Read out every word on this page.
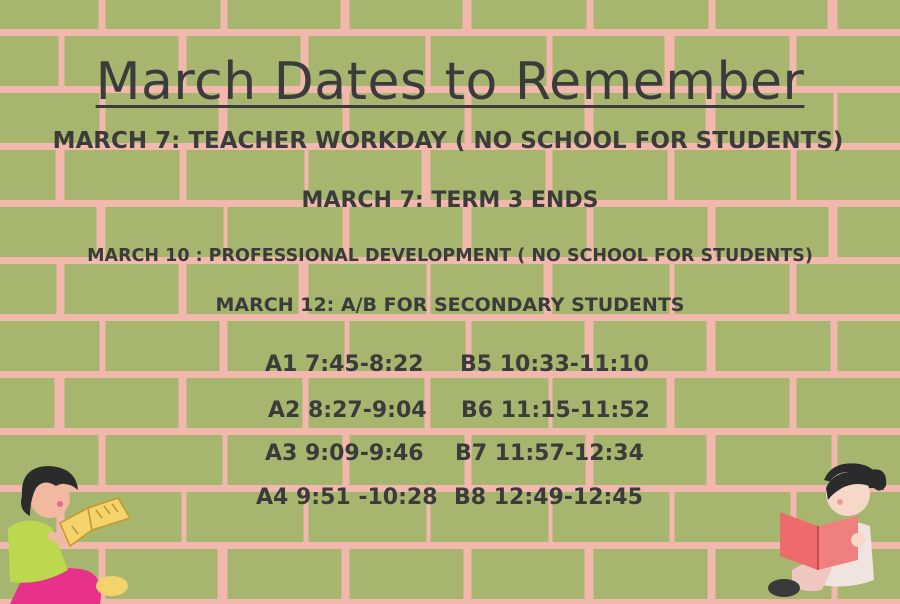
March Dates to Remember
MARCH 7: TEACHER WORKDAY ( NO SCHOOL FOR STUDENTS)
MARCH 7: TERM 3 ENDS
MARCH 10 : PROFESSIONAL DEVELOPMENT ( NO SCHOOL FOR STUDENTS)
MARCH 12: A/B FOR SECONDARY STUDENTS
A1 7:45-8:22 B5 10:33-11:10
A2 8:27-9:04 B6 11:15-11:52
A3 9:09-9:46 B7 11:57-12:34
A4 9:51 -10:28 B8 12:49-12:45
